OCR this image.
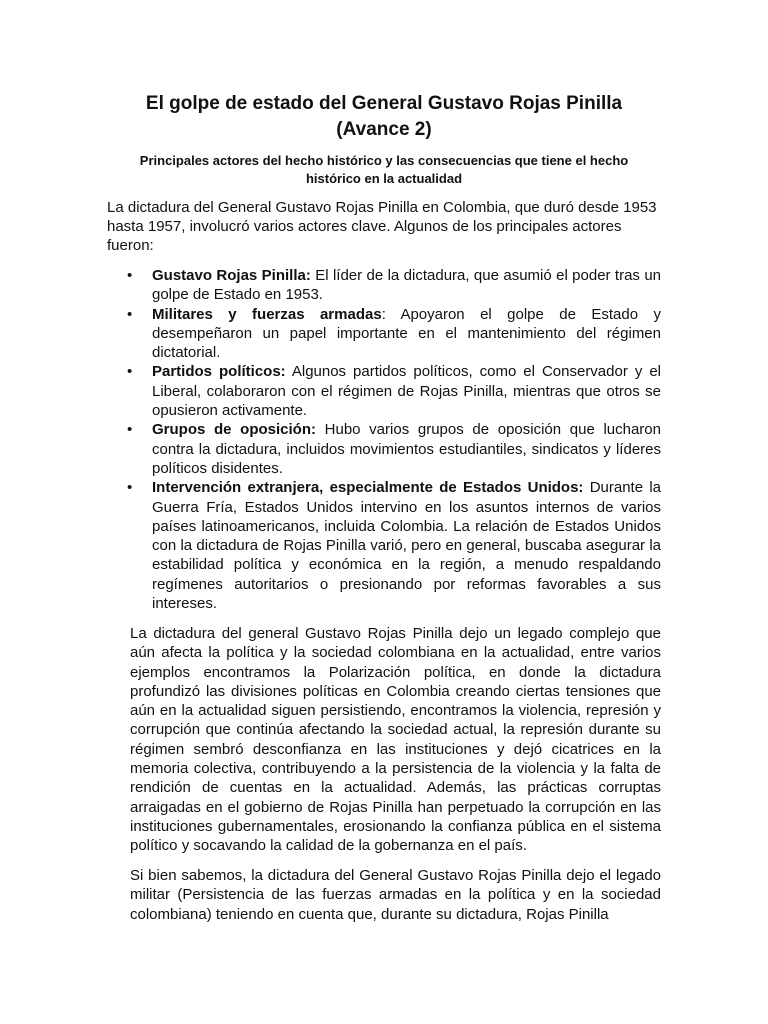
El golpe de estado del General Gustavo Rojas Pinilla
(Avance 2)
Principales actores del hecho histórico y las consecuencias que tiene el hecho histórico en la actualidad
La dictadura del General Gustavo Rojas Pinilla en Colombia, que duró desde 1953 hasta 1957, involucró varios actores clave. Algunos de los principales actores fueron:
• Gustavo Rojas Pinilla: El líder de la dictadura, que asumió el poder tras un golpe de Estado en 1953.
• Militares y fuerzas armadas: Apoyaron el golpe de Estado y desempeñaron un papel importante en el mantenimiento del régimen dictatorial.
• Partidos políticos: Algunos partidos políticos, como el Conservador y el Liberal, colaboraron con el régimen de Rojas Pinilla, mientras que otros se opusieron activamente.
• Grupos de oposición: Hubo varios grupos de oposición que lucharon contra la dictadura, incluidos movimientos estudiantiles, sindicatos y líderes políticos disidentes.
• Intervención extranjera, especialmente de Estados Unidos: Durante la Guerra Fría, Estados Unidos intervino en los asuntos internos de varios países latinoamericanos, incluida Colombia. La relación de Estados Unidos con la dictadura de Rojas Pinilla varió, pero en general, buscaba asegurar la estabilidad política y económica en la región, a menudo respaldando regímenes autoritarios o presionando por reformas favorables a sus intereses.

La dictadura del general Gustavo Rojas Pinilla dejo un legado complejo que aún afecta la política y la sociedad colombiana en la actualidad, entre varios ejemplos encontramos la Polarización política, en donde la dictadura profundizó las divisiones políticas en Colombia creando ciertas tensiones que aún en la actualidad siguen persistiendo, encontramos la violencia, represión y corrupción que continúa afectando la sociedad actual, la represión durante su régimen sembró desconfianza en las instituciones y dejó cicatrices en la memoria colectiva, contribuyendo a la persistencia de la violencia y la falta de rendición de cuentas en la actualidad. Además, las prácticas corruptas arraigadas en el gobierno de Rojas Pinilla han perpetuado la corrupción en las instituciones gubernamentales, erosionando la confianza pública en el sistema político y socavando la calidad de la gobernanza en el país.

Si bien sabemos, la dictadura del General Gustavo Rojas Pinilla dejo el legado militar (Persistencia de las fuerzas armadas en la política y en la sociedad colombiana) teniendo en cuenta que, durante su dictadura, Rojas Pinilla
